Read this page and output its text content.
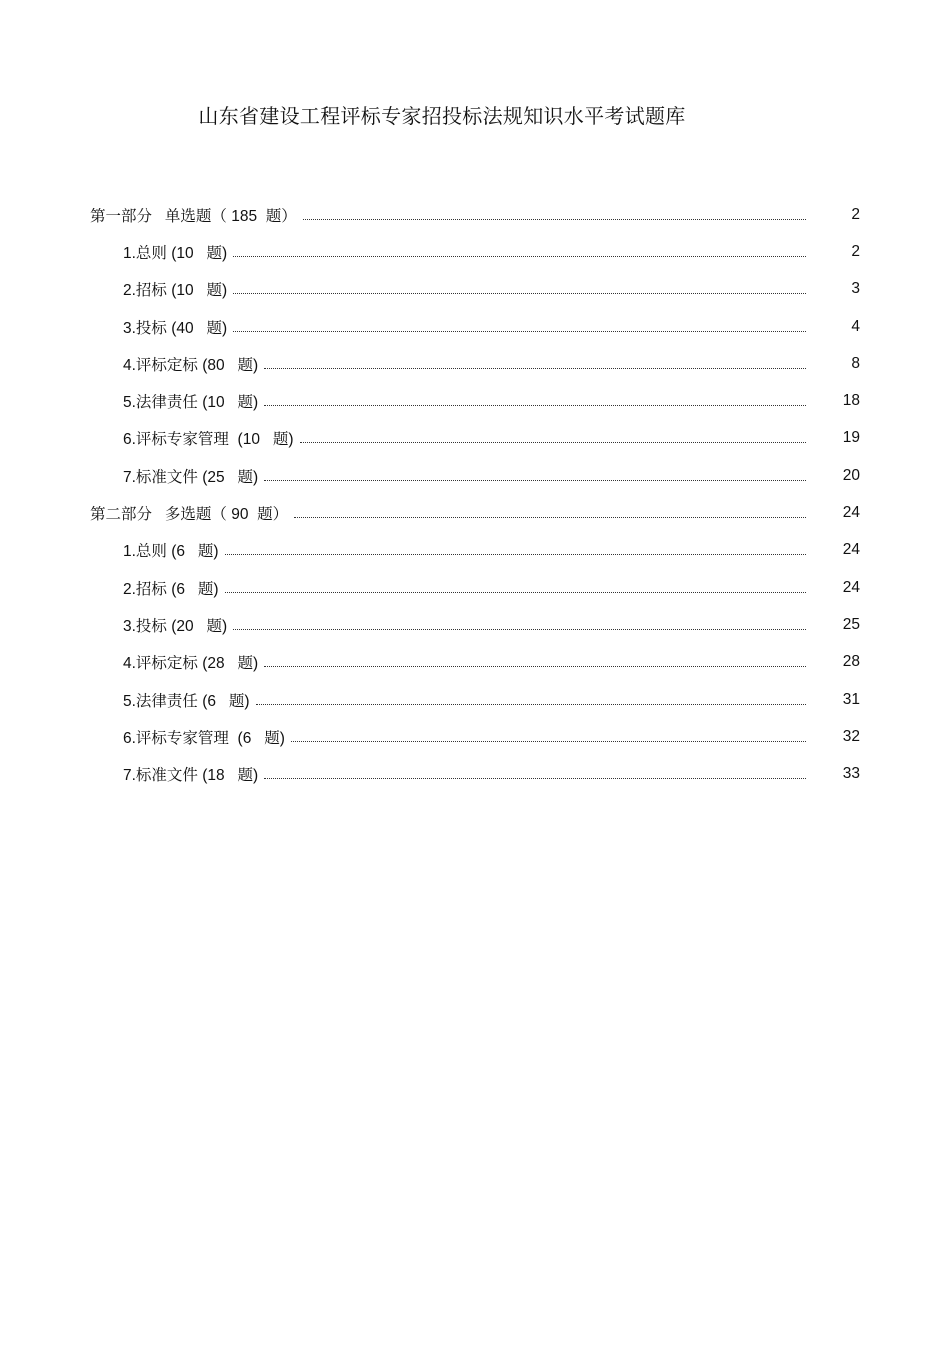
山东省建设工程评标专家招投标法规知识水平考试题库
第一部分   单选题（ 185  题）	2
1.总则 (10   题)	2
2.招标 (10   题)	3
3.投标 (40   题)	4
4.评标定标 (80   题)	8
5.法律责任 (10   题)	18
6.评标专家管理  (10   题)	19
7.标准文件 (25   题)	20
第二部分   多选题（ 90  题）	24
1.总则 (6   题)	24
2.招标 (6   题)	24
3.投标 (20   题)	25
4.评标定标 (28   题)	28
5.法律责任 (6   题)	31
6.评标专家管理  (6   题)	32
7.标准文件 (18   题)	33
